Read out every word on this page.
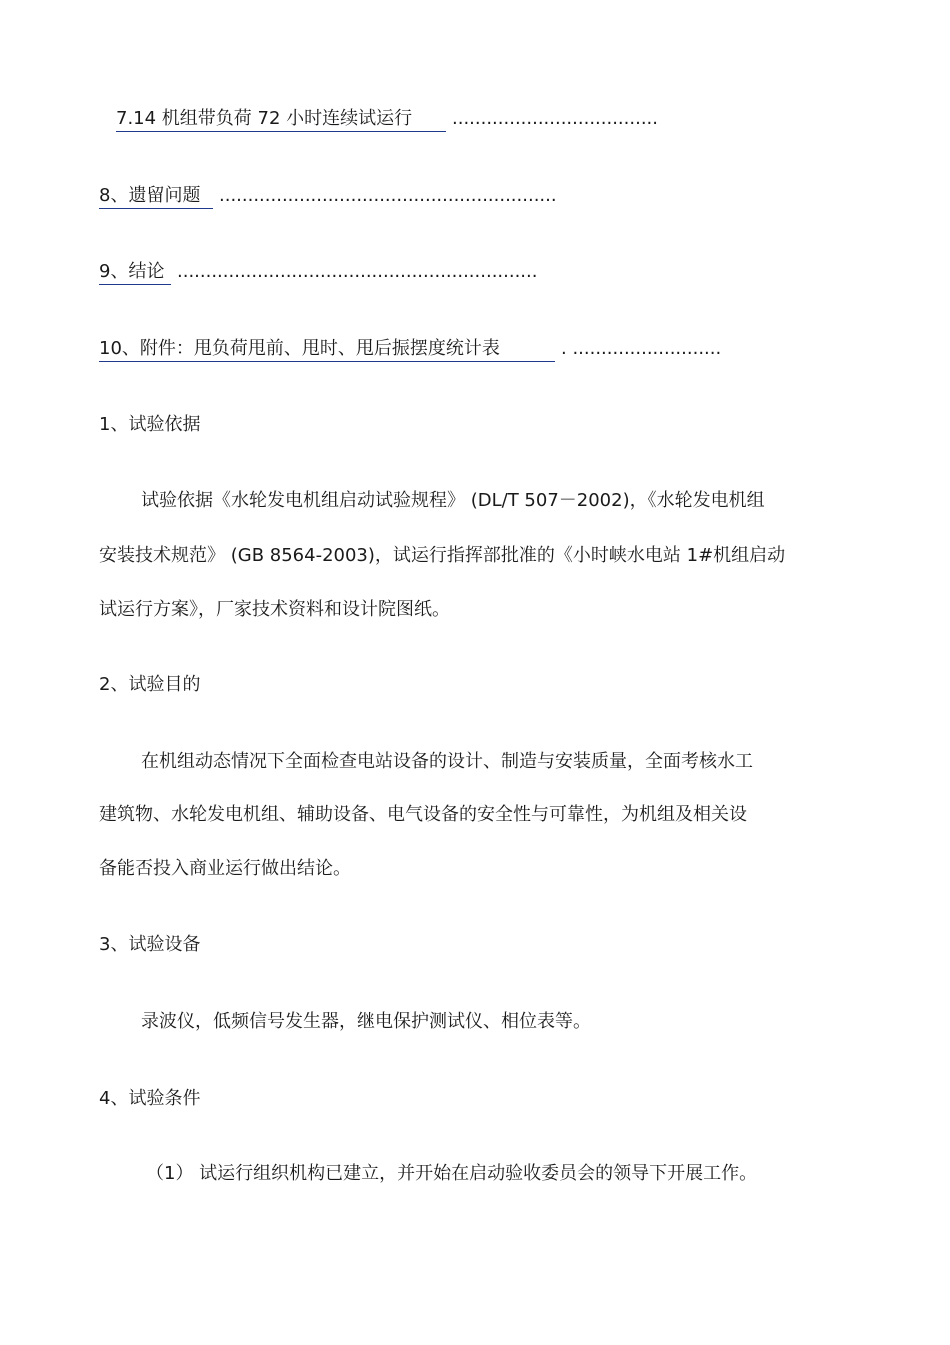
7.14 机组带负荷 72 小时连续试运行 ....................................
8、遗留问题 ...........................................................
9、结论 ...............................................................
10、附件：甩负荷甩前、甩时、甩后振摆度统计表	. ..........................
1、试验依据
试验依据《水轮发电机组启动试验规程》 (DL/T 507－2002)，《水轮发电机组
安装技术规范》 (GB 8564-2003)，试运行指挥部批准的《小时峡水电站 1#机组启动
试运行方案》，厂家技术资料和设计院图纸。
2、试验目的
在机组动态情况下全面检查电站设备的设计、制造与安装质量，全面考核水工
建筑物、水轮发电机组、辅助设备、电气设备的安全性与可靠性，为机组及相关设
备能否投入商业运行做出结论。
3、试验设备
录波仪，低频信号发生器，继电保护测试仪、相位表等。
4、试验条件
（1） 试运行组织机构已建立，并开始在启动验收委员会的领导下开展工作。
